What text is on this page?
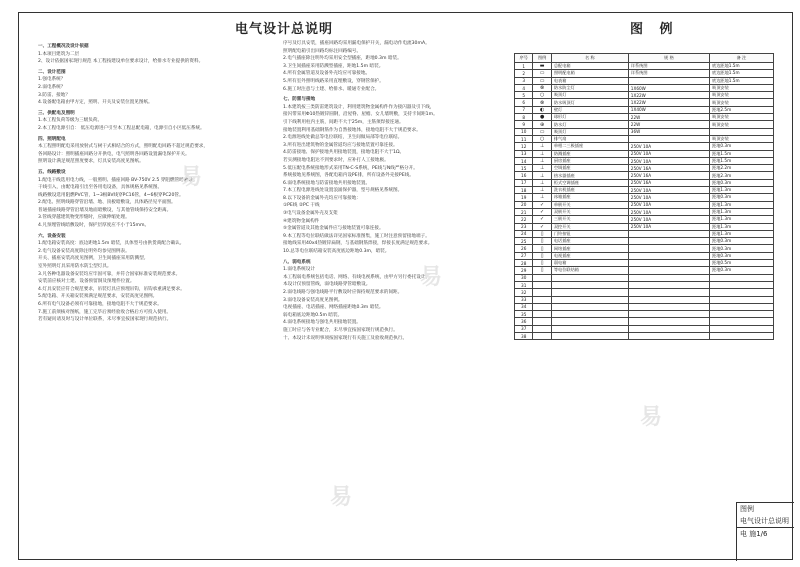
电气设计总说明	图 例

一、工程概况及设计依据

1.本项目建筑为二层

2、设计依据国家现行规范 本工程按建设单位要求设计，给排水专业提供的资料。

二、设计范围

1.强电系统？

2.弱电系统？

3.防雷、接地？

4.设备配电箱由甲方定，照明、开关及安装位置见图纸。

三、供配电及照明

1.本工程负荷等级为三级负荷。

2.本工程电源引自： 低压电源进户引至本工程总配电箱，电源引自小区低压系统。

四、照明配电

本工程照明配电采用放射式与树干式相结合的方式，照明配电回路不超过规范要求，

各回路设计：照明插座回路分开供电，电气照明各回路设置漏电保护开关。

照明设计满足规范照度要求，灯具安装高度见图纸。

五、线路敷设

1.配电干线选用电力线，一般照明、插座回路 BV-750V 2.5 穿阻燃管暗敷设。

干线引入，由配电箱引出至各用电设备，具体规格见系统图。

线路敷设选用阻燃PVC管，1~3根BV线穿PC16管，4~6根穿PC20管。

2.配电、照明线路穿管沿墙、地、顶板暗敷设，具体路径见平面图。

普通插座线路穿管沿墙及地面暗敷设，与其他管线保持安全距离。

3.管线穿越建筑物变形缝时，应做伸缩处理。

4.凡预埋管线暗敷设时，保护层厚度应不小于15mm。

六、设备安装

1.配电箱安装高度：底边距地1.5m 暗装，具体型号由供货商配合确认。

2.电气设备安装高度除注明外均参见图例表。

开关、插座安装高度见图例，卫生间插座采用防溅型。

室外照明灯具采用防水防尘型灯具。

3.凡各种电器设备安装均应牢固可靠，并符合国家标准安装规范要求。

安装前应核对土建、设备预留洞及预埋件位置。

4.灯具安装应符合规范要求，吊装灯具应预埋吊钩，吊钩承重满足要求。

5.配电箱、开关箱安装须满足规范要求，安装高度见图例。

6.所有电气设备必须有可靠接地，接地电阻不大于规范要求。

7.施工前须核对图纸，施工完毕后须经验收合格后方可投入使用。

若有疑问请及时与设计单位联系，未尽事宜按国家现行规范执行。

序号及灯具安装，插座回路均采用漏电保护开关，漏电动作电流30mA。

照明配电箱引出回路均标注回路编号。

2.电气插座除注明外均采用安全型插座，距地0.3m 暗装。

3.卫生间插座采用防溅型插座，距地1.5m 暗装。

4.所有金属管道及设备外壳均应可靠接地。

5.所有室外照明线路采用直埋敷设，穿钢管保护。

6.施工时注意与土建、给排水、暖通专业配合。

七、防雷与接地

1.本建筑按三类防雷建筑设计，利用建筑物金属构件作为接闪器及引下线，

接闪带采用Φ10热镀锌圆钢，沿屋脊、屋檐、女儿墙明敷，支持卡间距1m。

引下线利用柱内主筋，间距不大于25m，主筋须焊接连通。

接地装置利用基础钢筋作为自然接地体，接地电阻不大于规范要求。

2.电源进线处做总等电位联结，卫生间做局部等电位联结。

3.所有进出建筑物的金属管道均应与接地装置可靠连接。

4.防雷接地、保护接地共用接地装置，接地电阻不大于1Ω。

若实测接地电阻达不到要求时，应补打人工接地极。

5.低压配电系统接地形式采用TN-C-S系统，PE线与N线严格分开。

系统接地见系统图，各配电箱内设PE排，所有设备外壳接PE线。

6.弱电系统接地与防雷接地共用接地装置。

7.本工程电源进线处设置浪涌保护器，型号规格见系统图。

8.以下设备的金属外壳均应可靠接地：

①PE线 ②PC 干线

③电气设备金属外壳及支架

④建筑物金属构件

⑤金属管道及其他金属件应与接地装置可靠连接。

9.本工程等电位联结做法详见国家标准图集，施工时注意预留接地端子。

接地线采用40x4热镀锌扁钢，与基础钢筋焊接，焊接长度满足规范要求。

10.总等电位联结箱安装高度底边距地0.3m，暗装。

八、弱电系统

1.弱电系统设计

本工程弱电系统包括电话、网络、有线电视系统，由甲方另行委托设计。

本设计仅预留管线，弱电线路穿管暗敷设。

2.弱电线路与强电线路平行敷设时应保持规范要求的间距。

3.弱电设备安装高度见图例。

电视插座、电话插座、网络插座距地0.3m 暗装。

弱电箱底边距地0.5m 暗装。

4.弱电系统接地与强电共用接地装置。

施工时应与各专业配合，未尽事宜按国家现行规范执行。

十、本设计未说明事项按国家现行有关施工及验收规范执行。

序号	图例	名 称	规 格	备 注
1	▬	总配电箱	详系统图	底边距地1.5m
2	▭	照明配电箱	详系统图	底边距地1.5m
3	▭	电表箱		底边距地1.5m
4	⊗	防水防尘灯	1X60W	吸顶安装
5	○	吸顶灯	1X22W	吸顶安装
6	⊗	防水吸顶灯	1X22W	吸顶安装
7	◐	壁灯	1X40W	距地2.5m
8	●	球形灯	22W	吸顶安装
9	⊕	防水灯	22W	吸顶安装
10	▭	吸顶灯	36W	
11	○	排气扇		吸顶安装
12	⊥	单相二三极插座	250V 10A	距地0.3m
13	⊥	防溅插座	250V 10A	距地1.5m
14	⊥	厨房插座	250V 10A	距地1.5m
15	⊥	空调插座	250V 16A	距地2.2m
16	⊥	热水器插座	250V 16A	距地2.3m
17	⊥	柜式空调插座	250V 16A	距地0.3m
18	⊥	洗衣机插座	250V 10A	距地1.3m
19	⊥	冰箱插座	250V 10A	距地0.3m
20	✓	单极开关	250V 10A	距地1.3m
21	✓	双极开关	250V 10A	距地1.3m
22	✓	三极开关	250V 10A	距地1.3m
23	✓	双控开关	250V 10A	距地1.3m
24	▯	门铃按钮		距地1.3m
25	▯	电话插座		距地0.3m
26	▯	网络插座		距地0.3m
27	▯	电视插座		距地0.3m
28	▯	弱电箱		距地0.5m
29	▯	等电位联结箱		距地0.3m
30				
31				
32				
33				
34				
35				
36				
37				
38				
图例
电气设计总说明
电 施1/6
易
易
易
易
